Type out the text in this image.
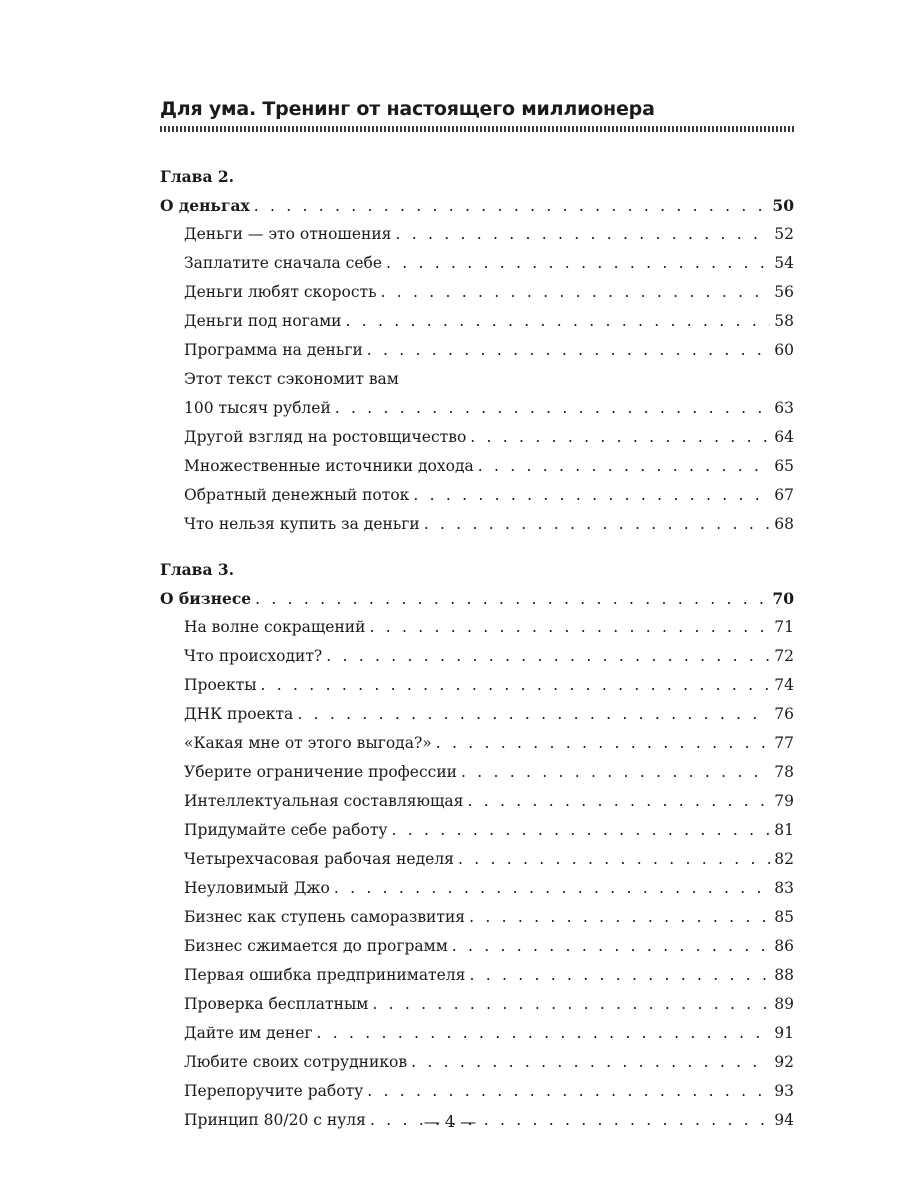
Для ума. Тренинг от настоящего миллионера
Глава 2.
О деньгах . . .	50
Деньги — это отношения . . .	52
Заплатите сначала себе . . .	54
Деньги любят скорость . . .	56
Деньги под ногами . . .	58
Программа на деньги . . .	60
Этот текст сэкономит вам
100 тысяч рублей . . .	63
Другой взгляд на ростовщичество . . .	64
Множественные источники дохода . . .	65
Обратный денежный поток . . .	67
Что нельзя купить за деньги . . .	68
Глава 3.
О бизнесе . . .	70
На волне сокращений . . .	71
Что происходит? . . .	72
Проекты . . .	74
ДНК проекта . . .	76
«Какая мне от этого выгода?» . . .	77
Уберите ограничение профессии . . .	78
Интеллектуальная составляющая . . .	79
Придумайте себе работу . . .	81
Четырехчасовая рабочая неделя . . .	82
Неуловимый Джо . . .	83
Бизнес как ступень саморазвития . . .	85
Бизнес сжимается до программ . . .	86
Первая ошибка предпринимателя . . .	88
Проверка бесплатным . . .	89
Дайте им денег . . .	91
Любите своих сотрудников . . .	92
Перепоручите работу . . .	93
Принцип 80/20 с нуля . . .	94
— 4 —
